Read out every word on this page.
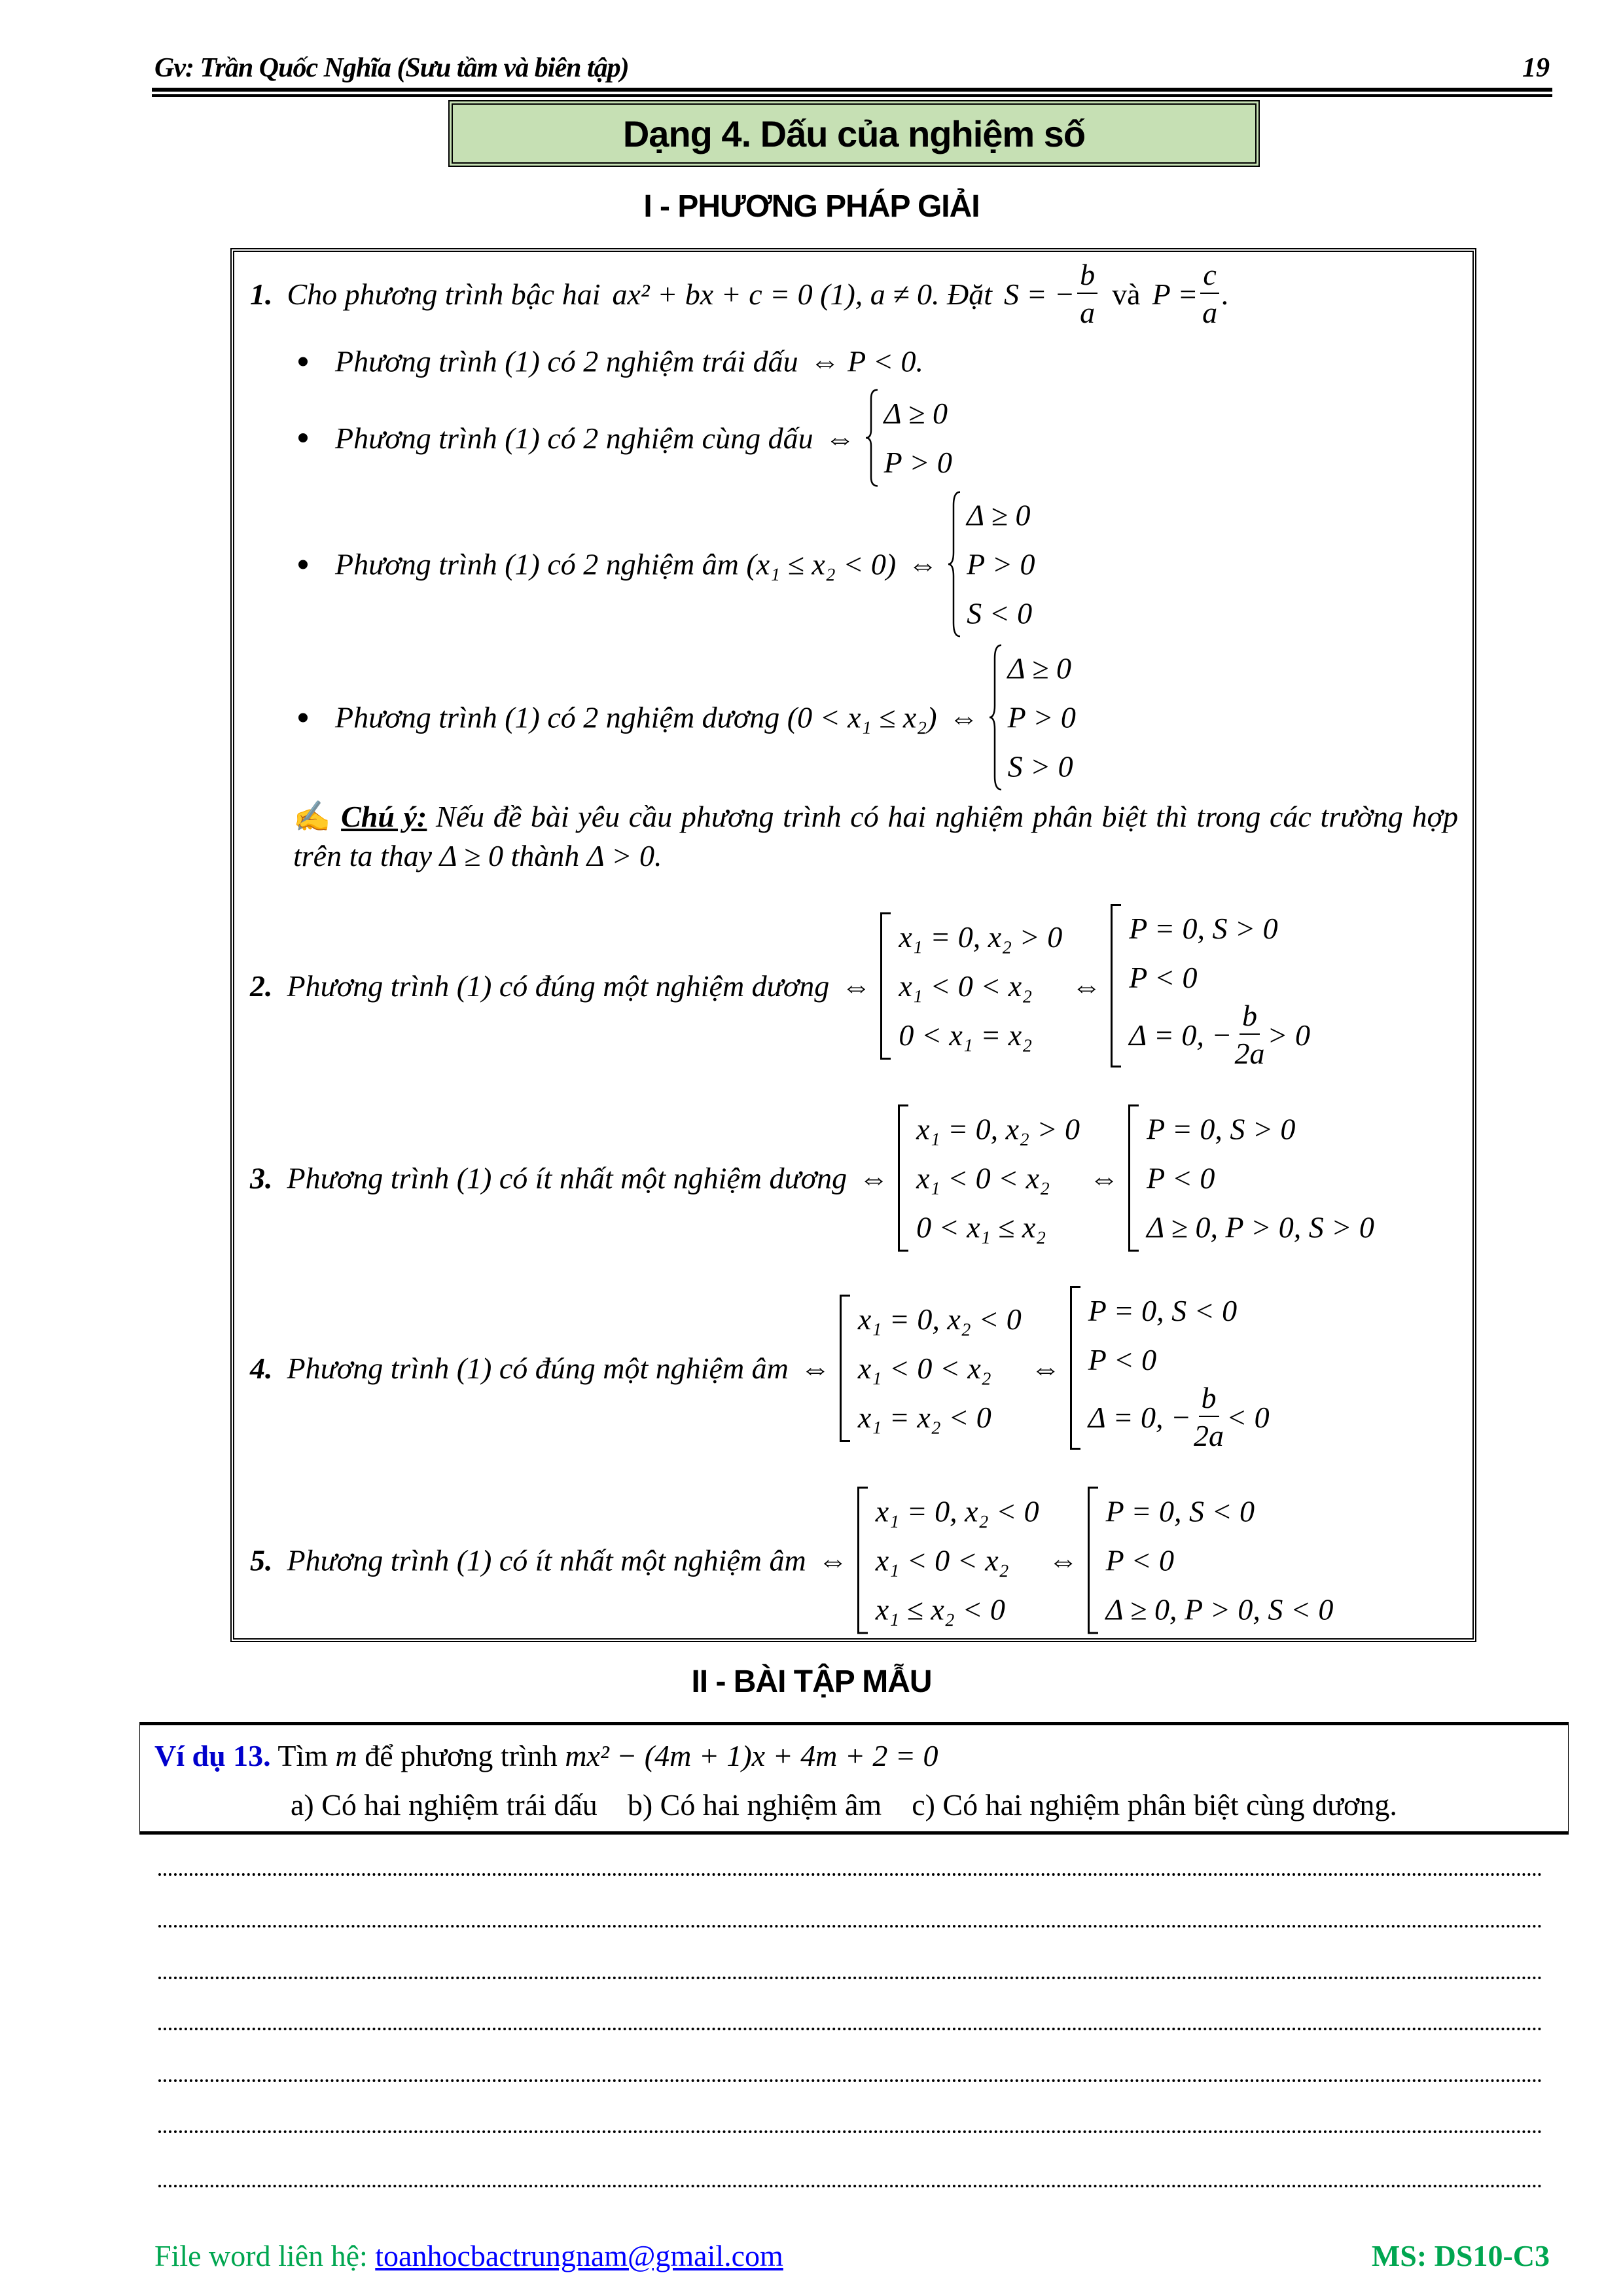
Gv: Trần Quốc Nghĩa (Sưu tầm và biên tập)	19
Dạng 4. Dấu của nghiệm số
I - PHƯƠNG PHÁP GIẢI
1. Cho phương trình bậc hai ax² + bx + c = 0 (1), a ≠ 0. Đặt S = − $\frac{b}{a}$ và $P = \frac{c}{a}$ .
Phương trình (1) có 2 nghiệm trái dấu ⇔ P < 0.
Phương trình (1) có 2 nghiệm cùng dấu ⇔
Δ ≥ 0
P > 0
Phương trình (1) có 2 nghiệm âm (x₁ ≤ x₂ < 0) ⇔
Δ ≥ 0
P > 0
S < 0
Phương trình (1) có 2 nghiệm dương (0 < x₁ ≤ x₂) ⇔
Δ ≥ 0
P > 0
S > 0
✍ Chú ý: Nếu đề bài yêu cầu phương trình có hai nghiệm phân biệt thì trong các trường hợp trên ta thay Δ ≥ 0 thành Δ > 0.
2. Phương trình (1) có đúng một nghiệm dương ⇔
x₁ = 0, x₂ > 0
x₁ < 0 < x₂
0 < x₁ = x₂
⇔
P = 0, S > 0
P < 0
Δ = 0, − $\frac{b}{2a} > 0$
3. Phương trình (1) có ít nhất một nghiệm dương ⇔
x₁ = 0, x₂ > 0
x₁ < 0 < x₂
0 < x₁ ≤ x₂
⇔
P = 0, S > 0
P < 0
Δ ≥ 0, P > 0, S > 0
4. Phương trình (1) có đúng một nghiệm âm ⇔
x₁ = 0, x₂ < 0
x₁ < 0 < x₂
x₁ = x₂ < 0
⇔
P = 0, S < 0
P < 0
Δ = 0, − $\frac{b}{2a} < 0$
5. Phương trình (1) có ít nhất một nghiệm âm ⇔
x₁ = 0, x₂ < 0
x₁ < 0 < x₂
x₁ ≤ x₂ < 0
⇔
P = 0, S < 0
P < 0
Δ ≥ 0, P > 0, S < 0
II - BÀI TẬP MẪU
Ví dụ 13. Tìm m để phương trình mx² − (4m + 1)x + 4m + 2 = 0
a) Có hai nghiệm trái dấu b) Có hai nghiệm âm c) Có hai nghiệm phân biệt cùng dương.
File word liên hệ: toanhocbactrungnam@gmail.com	MS: DS10-C3
